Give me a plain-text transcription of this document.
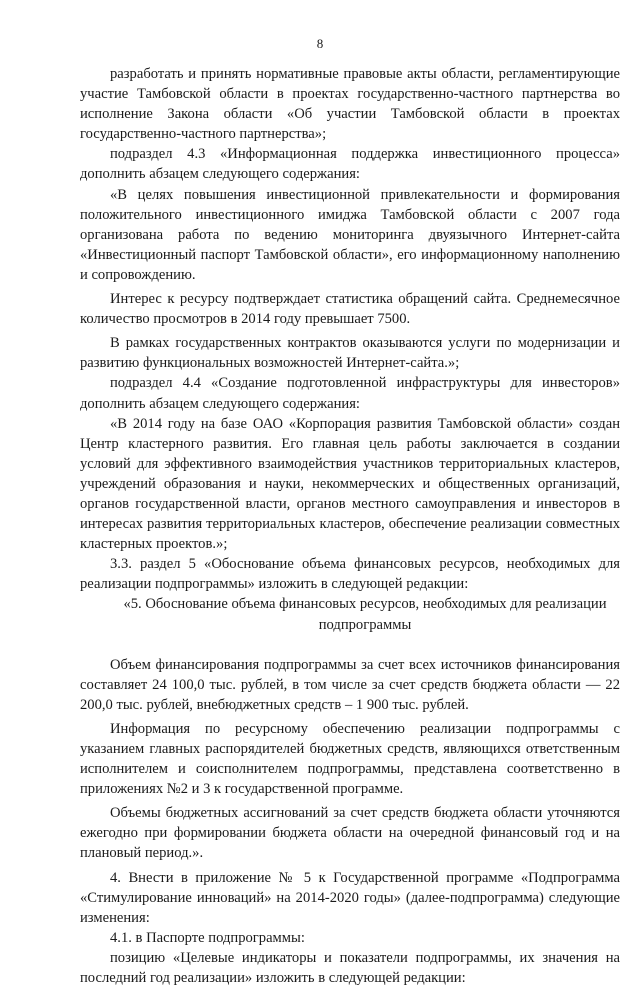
8

разработать и принять нормативные правовые акты области, регламентирующие участие Тамбовской области в проектах государственно-частного партнерства во исполнение Закона области «Об участии Тамбовской области в проектах государственно-частного партнерства»;

подраздел 4.3 «Информационная поддержка инвестиционного процесса» дополнить абзацем следующего содержания:

«В целях повышения инвестиционной привлекательности и формирования положительного инвестиционного имиджа Тамбовской области с 2007 года организована работа по ведению мониторинга двуязычного Интернет-сайта «Инвестиционный паспорт Тамбовской области», его информационному наполнению и сопровождению.

Интерес к ресурсу подтверждает статистика обращений сайта. Среднемесячное количество просмотров в 2014 году превышает 7500.

В рамках государственных контрактов оказываются услуги по модернизации и развитию функциональных возможностей Интернет-сайта.»;

подраздел 4.4 «Создание подготовленной инфраструктуры для инвесторов» дополнить абзацем следующего содержания:

«В 2014 году на базе ОАО «Корпорация развития Тамбовской области» создан Центр кластерного развития. Его главная цель работы заключается в создании условий для эффективного взаимодействия участников территориальных кластеров, учреждений образования и науки, некоммерческих и общественных организаций, органов государственной власти, органов местного самоуправления и инвесторов в интересах развития территориальных кластеров, обеспечение реализации совместных кластерных проектов.»;

3.3. раздел 5 «Обоснование объема финансовых ресурсов, необходимых для реализации подпрограммы» изложить в следующей редакции:

«5. Обоснование объема финансовых ресурсов, необходимых для реализации подпрограммы

Объем финансирования подпрограммы за счет всех источников финансирования составляет 24 100,0 тыс. рублей, в том числе за счет средств бюджета области — 22 200,0 тыс. рублей, внебюджетных средств – 1 900 тыс. рублей.

Информация по ресурсному обеспечению реализации подпрограммы с указанием главных распорядителей бюджетных средств, являющихся ответственным исполнителем и соисполнителем подпрограммы, представлена соответственно в приложениях №2 и 3 к государственной программе.

Объемы бюджетных ассигнований за счет средств бюджета области уточняются ежегодно при формировании бюджета области на очередной финансовый год и на плановый период.».

4. Внести в приложение № 5 к Государственной программе «Подпрограмма «Стимулирование инноваций» на 2014-2020 годы» (далее-подпрограмма) следующие изменения:

4.1. в Паспорте подпрограммы:

позицию «Целевые индикаторы и показатели подпрограммы, их значения на последний год реализации» изложить в следующей редакции:
